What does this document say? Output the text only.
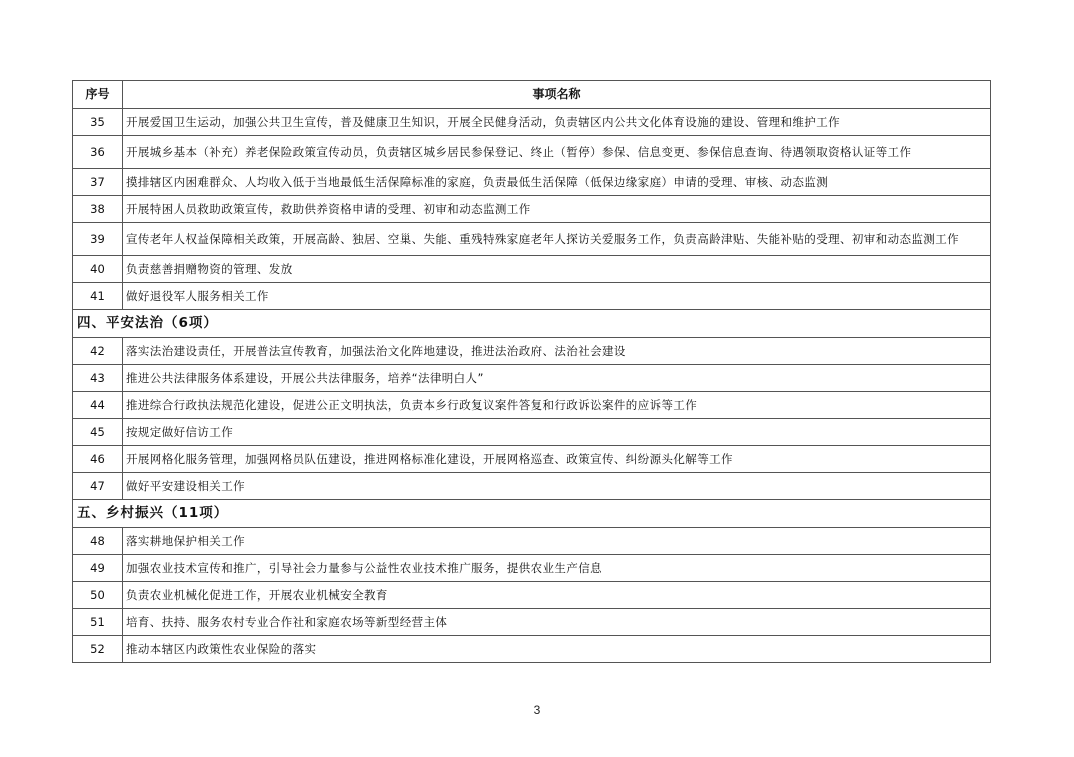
序号	事项名称
35	开展爱国卫生运动，加强公共卫生宣传，普及健康卫生知识，开展全民健身活动，负责辖区内公共文化体育设施的建设、管理和维护工作
36	开展城乡基本（补充）养老保险政策宣传动员，负责辖区城乡居民参保登记、终止（暂停）参保、信息变更、参保信息查询、待遇领取资格认证等工作
37	摸排辖区内困难群众、人均收入低于当地最低生活保障标准的家庭，负责最低生活保障（低保边缘家庭）申请的受理、审核、动态监测
38	开展特困人员救助政策宣传，救助供养资格申请的受理、初审和动态监测工作
39	宣传老年人权益保障相关政策，开展高龄、独居、空巢、失能、重残特殊家庭老年人探访关爱服务工作，负责高龄津贴、失能补贴的受理、初审和动态监测工作
40	负责慈善捐赠物资的管理、发放
41	做好退役军人服务相关工作
四、平安法治（6项）	
42	落实法治建设责任，开展普法宣传教育，加强法治文化阵地建设，推进法治政府、法治社会建设
43	推进公共法律服务体系建设，开展公共法律服务，培养“法律明白人”
44	推进综合行政执法规范化建设，促进公正文明执法，负责本乡行政复议案件答复和行政诉讼案件的应诉等工作
45	按规定做好信访工作
46	开展网格化服务管理，加强网格员队伍建设，推进网格标准化建设，开展网格巡查、政策宣传、纠纷源头化解等工作
47	做好平安建设相关工作
五、乡村振兴（11项）	
48	落实耕地保护相关工作
49	加强农业技术宣传和推广，引导社会力量参与公益性农业技术推广服务，提供农业生产信息
50	负责农业机械化促进工作，开展农业机械安全教育
51	培育、扶持、服务农村专业合作社和家庭农场等新型经营主体
52	推动本辖区内政策性农业保险的落实
3
